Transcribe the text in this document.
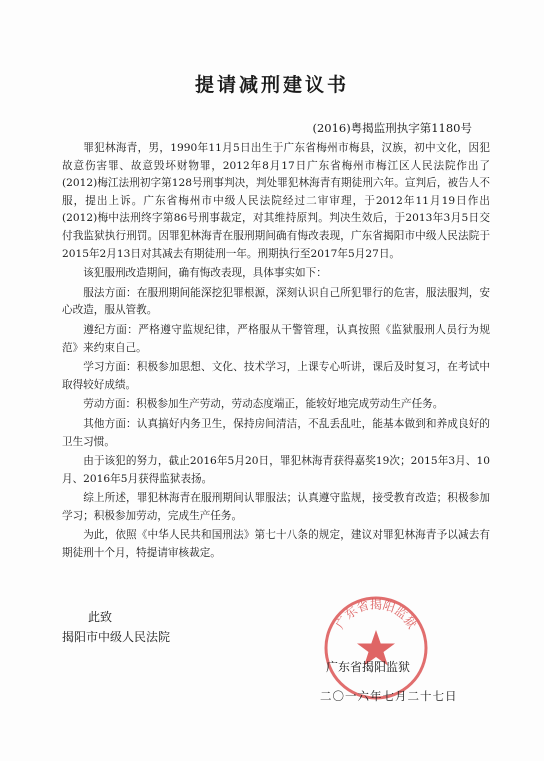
提请减刑建议书
(2016)粤揭监刑执字第1180号

罪犯林海青，男，1990年11月5日出生于广东省梅州市梅县，汉族，初中文化，因犯故意伤害罪、故意毁坏财物罪，2012年8月17日广东省梅州市梅江区人民法院作出了(2012)梅江法刑初字第128号刑事判决，判处罪犯林海青有期徒刑六年。宣判后，被告人不服，提出上诉。广东省梅州市中级人民法院经过二审审理，于2012年11月19日作出(2012)梅中法刑终字第86号刑事裁定，对其维持原判。判决生效后，于2013年3月5日交付我监狱执行刑罚。因罪犯林海青在服刑期间确有悔改表现，广东省揭阳市中级人民法院于2015年2月13日对其减去有期徒刑一年。刑期执行至2017年5月27日。

该犯服刑改造期间，确有悔改表现，具体事实如下：

服法方面：在服刑期间能深挖犯罪根源，深刻认识自己所犯罪行的危害，服法服判，安心改造，服从管教。

遵纪方面：严格遵守监规纪律，严格服从干警管理，认真按照《监狱服刑人员行为规范》来约束自己。

学习方面：积极参加思想、文化、技术学习，上课专心听讲，课后及时复习，在考试中取得较好成绩。

劳动方面：积极参加生产劳动，劳动态度端正，能较好地完成劳动生产任务。

其他方面：认真搞好内务卫生，保持房间清洁，不乱丢乱吐，能基本做到和养成良好的卫生习惯。

由于该犯的努力，截止2016年5月20日，罪犯林海青获得嘉奖19次；2015年3月、10月、2016年5月获得监狱表扬。

综上所述，罪犯林海青在服刑期间认罪服法；认真遵守监规，接受教育改造；积极参加学习；积极参加劳动，完成生产任务。

为此，依照《中华人民共和国刑法》第七十八条的规定，建议对罪犯林海青予以减去有期徒刑十个月，特提请审核裁定。

此致
揭阳市中级人民法院
广东省揭阳监狱
广东省揭阳监狱
二〇一六年七月二十七日
